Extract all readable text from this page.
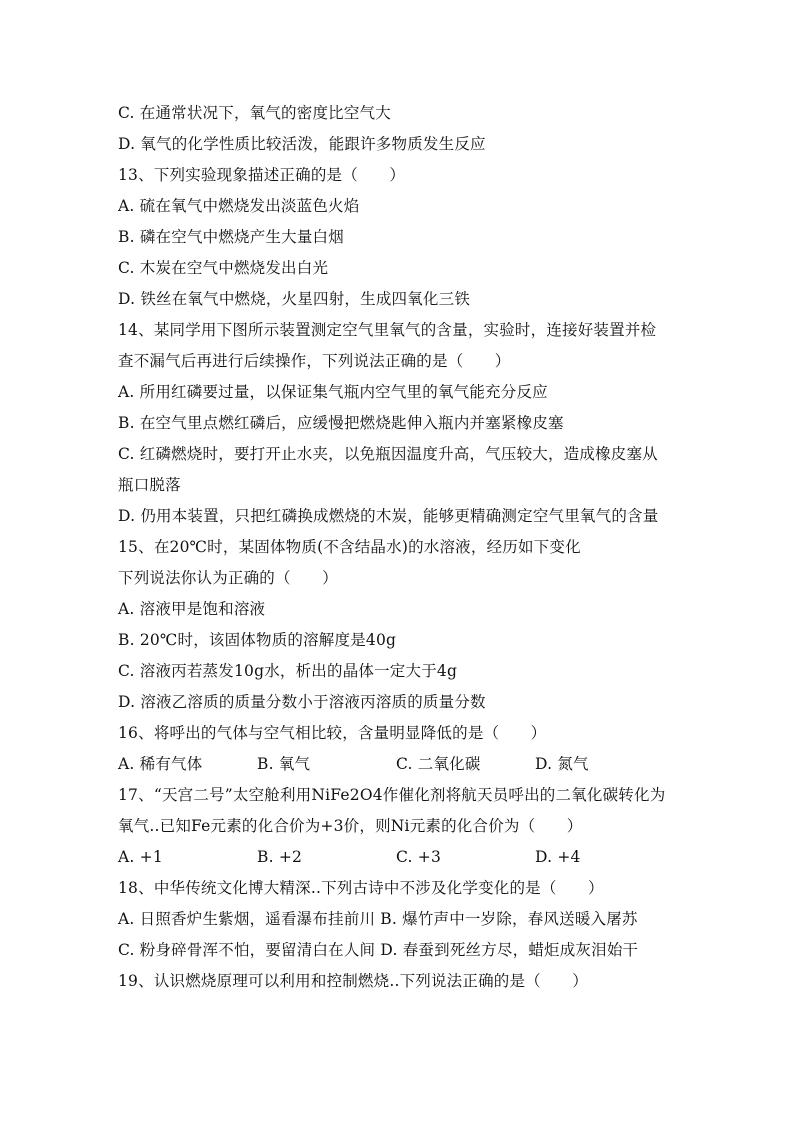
C. 在通常状况下，氧气的密度比空气大
D. 氧气的化学性质比较活泼，能跟许多物质发生反应
13、下列实验现象描述正确的是（　　）
A. 硫在氧气中燃烧发出淡蓝色火焰
B. 磷在空气中燃烧产生大量白烟
C. 木炭在空气中燃烧发出白光
D. 铁丝在氧气中燃烧，火星四射，生成四氧化三铁
14、某同学用下图所示装置测定空气里氧气的含量，实验时，连接好装置并检
查不漏气后再进行后续操作，下列说法正确的是（　　）
A. 所用红磷要过量，以保证集气瓶内空气里的氧气能充分反应
B. 在空气里点燃红磷后，应缓慢把燃烧匙伸入瓶内并塞紧橡皮塞
C. 红磷燃烧时，要打开止水夹，以免瓶因温度升高，气压较大，造成橡皮塞从
瓶口脱落
D. 仍用本装置，只把红磷换成燃烧的木炭，能够更精确测定空气里氧气的含量
15、在20℃时，某固体物质(不含结晶水)的水溶液，经历如下变化
下列说法你认为正确的（　　）
A. 溶液甲是饱和溶液
B. 20℃时，该固体物质的溶解度是40g
C. 溶液丙若蒸发10g水，析出的晶体一定大于4g
D. 溶液乙溶质的质量分数小于溶液丙溶质的质量分数
16、将呼出的气体与空气相比较，含量明显降低的是（　　）
A. 稀有气体	B. 氧气	C. 二氧化碳	D. 氮气
17、“天宫二号”太空舱利用NiFe2O4作催化剂将航天员呼出的二氧化碳转化为
氧气..已知Fe元素的化合价为+3价，则Ni元素的化合价为（　　）
A. +1	B. +2	C. +3	D. +4
18、中华传统文化博大精深..下列古诗中不涉及化学变化的是（　　）
A. 日照香炉生紫烟，遥看瀑布挂前川 B. 爆竹声中一岁除，春风送暖入屠苏
C. 粉身碎骨浑不怕，要留清白在人间 D. 春蚕到死丝方尽，蜡炬成灰泪始干
19、认识燃烧原理可以利用和控制燃烧..下列说法正确的是（　　）
